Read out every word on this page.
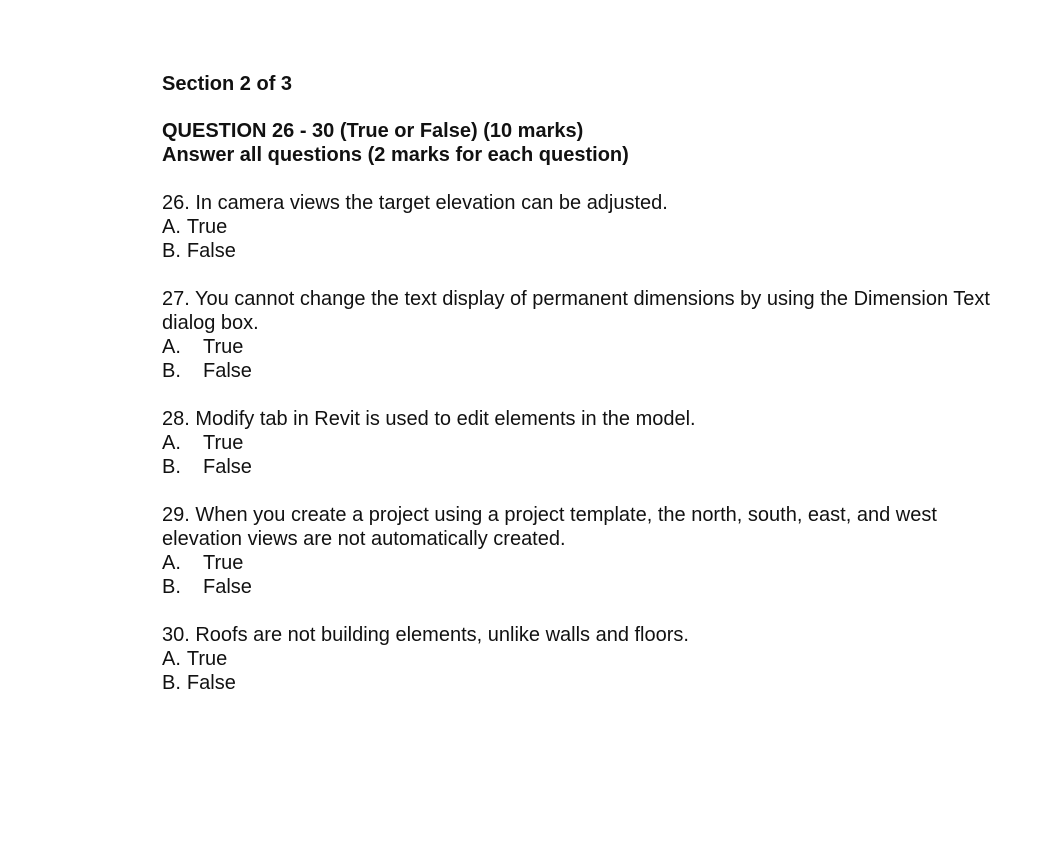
Section 2 of 3

QUESTION 26 - 30 (True or False) (10 marks)
Answer all questions (2 marks for each question)

26. In camera views the target elevation can be adjusted.

A. True
B. False

27. You cannot change the text display of permanent dimensions by using the Dimension Text dialog box.

A.	True
B.	False

28. Modify tab in Revit is used to edit elements in the model.

A.	True
B.	False

29. When you create a project using a project template, the north, south, east, and west elevation views are not automatically created.

A.	True
B.	False

30. Roofs are not building elements, unlike walls and floors.

A. True
B. False
